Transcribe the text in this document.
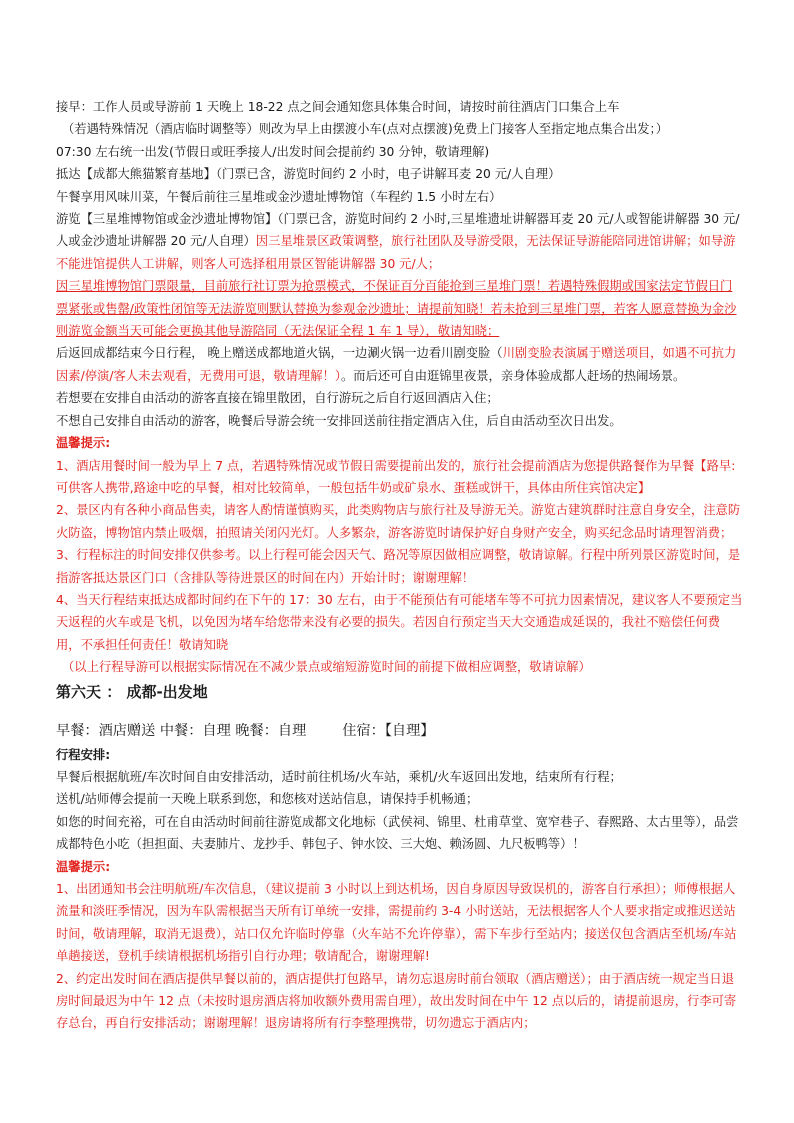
接早：工作人员或导游前 1 天晚上 18-22 点之间会通知您具体集合时间，请按时前往酒店门口集合上车

（若遇特殊情况（酒店临时调整等）则改为早上由摆渡小车(点对点摆渡)免费上门接客人至指定地点集合出发；）

07:30 左右统一出发(节假日或旺季接人/出发时间会提前约 30 分钟，敬请理解)

抵达【成都大熊猫繁育基地】（门票已含，游览时间约 2 小时，电子讲解耳麦 20 元/人自理）

午餐享用风味川菜，午餐后前往三星堆或金沙遗址博物馆（车程约 1.5 小时左右）

游览【三星堆博物馆或金沙遗址博物馆】（门票已含，游览时间约 2 小时,三星堆遗址讲解器耳麦 20 元/人或智能讲解器 30 元/人或金沙遗址讲解器 20 元/人自理）因三星堆景区政策调整，旅行社团队及导游受限，无法保证导游能陪同进馆讲解；如导游不能进馆提供人工讲解，则客人可选择租用景区智能讲解器 30 元/人；

因三星堆博物馆门票限量，目前旅行社订票为抢票模式，不保证百分百能抢到三星堆门票！若遇特殊假期或国家法定节假日门票紧张或售罄/政策性闭馆等无法游览则默认替换为参观金沙遗址；请提前知晓！若未抢到三星堆门票，若客人愿意替换为金沙则游览金额当天可能会更换其他导游陪同（无法保证全程 1 车 1 导），敬请知晓；

后返回成都结束今日行程， 晚上赠送成都地道火锅，一边涮火锅一边看川剧变脸（川剧变脸表演属于赠送项目，如遇不可抗力因素/停演/客人未去观看，无费用可退，敬请理解！）。而后还可自由逛锦里夜景，亲身体验成都人赶场的热闹场景。

若想要在安排自由活动的游客直接在锦里散团，自行游玩之后自行返回酒店入住；

不想自己安排自由活动的游客，晚餐后导游会统一安排回送前往指定酒店入住，后自由活动至次日出发。

温馨提示:

1、酒店用餐时间一般为早上 7 点，若遇特殊情况或节假日需要提前出发的，旅行社会提前酒店为您提供路餐作为早餐【路早:可供客人携带,路途中吃的早餐，相对比较简单，一般包括牛奶或矿泉水、蛋糕或饼干，具体由所住宾馆决定】

2、景区内有各种小商品售卖，请客人酌情谨慎购买，此类购物店与旅行社及导游无关。游览古建筑群时注意自身安全，注意防火防盗，博物馆内禁止吸烟，拍照请关闭闪光灯。人多繁杂，游客游览时请保护好自身财产安全，购买纪念品时请理智消费；

3、行程标注的时间安排仅供参考。以上行程可能会因天气、路况等原因做相应调整，敬请谅解。行程中所列景区游览时间，是指游客抵达景区门口（含排队等待进景区的时间在内）开始计时；谢谢理解！

4、当天行程结束抵达成都时间约在下午的 17：30 左右，由于不能预估有可能堵车等不可抗力因素情况，建议客人不要预定当天返程的火车或是飞机，以免因为堵车给您带来没有必要的损失。若因自行预定当天大交通造成延误的，我社不赔偿任何费用，不承担任何责任！敬请知晓

（以上行程导游可以根据实际情况在不减少景点或缩短游览时间的前提下做相应调整，敬请谅解）

第六天 ： 成都-出发地

早餐：酒店赠送 中餐：自理 晚餐：自理	住宿：【自理】

行程安排:

早餐后根据航班/车次时间自由安排活动，适时前往机场/火车站，乘机/火车返回出发地，结束所有行程；

送机/站师傅会提前一天晚上联系到您，和您核对送站信息，请保持手机畅通；

如您的时间充裕，可在自由活动时间前往游览成都文化地标（武侯祠、锦里、杜甫草堂、宽窄巷子、春熙路、太古里等），品尝成都特色小吃（担担面、夫妻肺片、龙抄手、韩包子、钟水饺、三大炮、赖汤圆、九尺板鸭等）！

温馨提示:

1、出团通知书会注明航班/车次信息，（建议提前 3 小时以上到达机场，因自身原因导致误机的，游客自行承担）；师傅根据人流量和淡旺季情况，因为车队需根据当天所有订单统一安排，需提前约 3-4 小时送站，无法根据客人个人要求指定或推迟送站时间，敬请理解，取消无退费），站口仅允许临时停靠（火车站不允许停靠），需下车步行至站内；接送仅包含酒店至机场/车站单趟接送，登机手续请根据机场指引自行办理；敬请配合，谢谢理解!

2、约定出发时间在酒店提供早餐以前的，酒店提供打包路早，请勿忘退房时前台领取（酒店赠送）；由于酒店统一规定当日退房时间最迟为中午 12 点（未按时退房酒店将加收额外费用需自理），故出发时间在中午 12 点以后的，请提前退房，行李可寄存总台，再自行安排活动；谢谢理解！退房请将所有行李整理携带，切勿遗忘于酒店内；
